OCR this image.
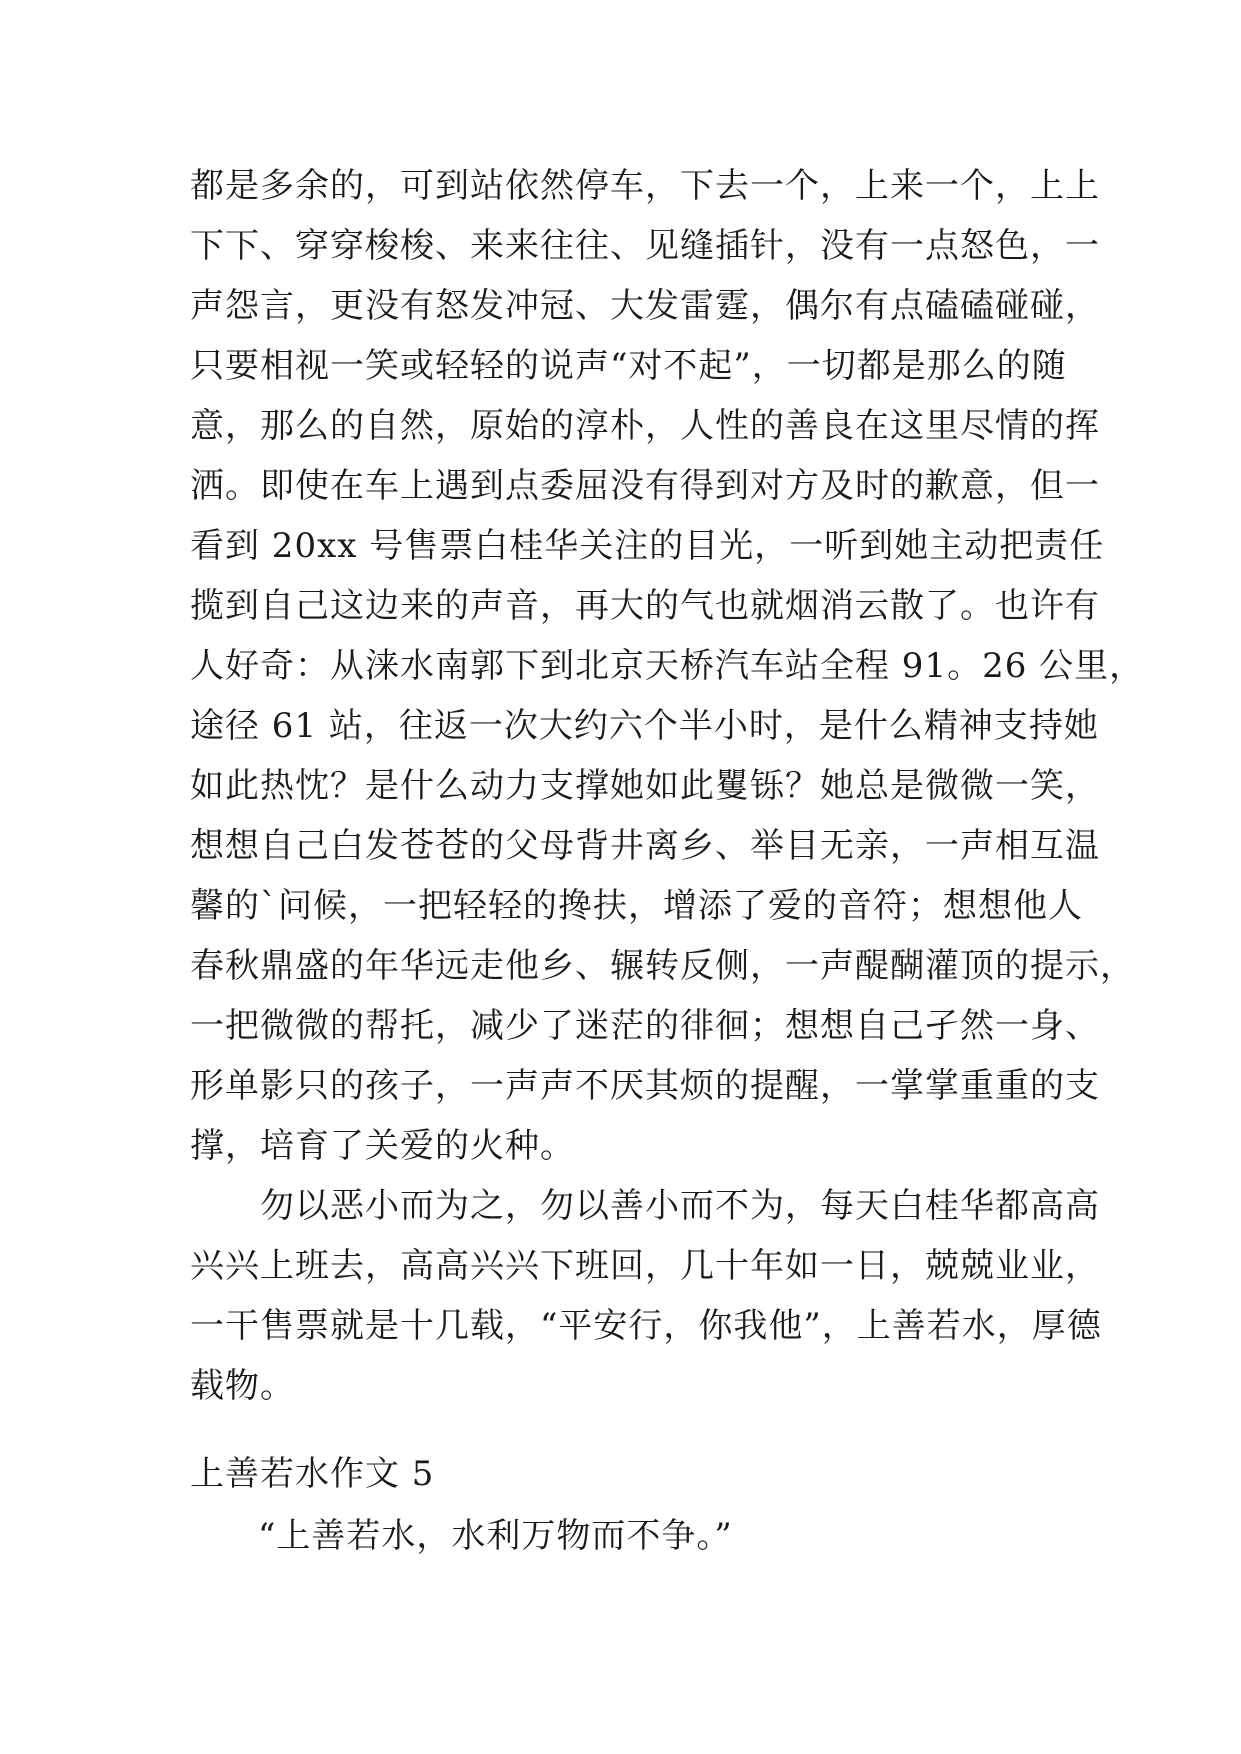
都是多余的，可到站依然停车，下去一个，上来一个，上上
下下、穿穿梭梭、来来往往、见缝插针，没有一点怒色，一
声怨言，更没有怒发冲冠、大发雷霆，偶尔有点磕磕碰碰，
只要相视一笑或轻轻的说声“对不起”，一切都是那么的随
意，那么的自然，原始的淳朴，人性的善良在这里尽情的挥
洒。即使在车上遇到点委屈没有得到对方及时的歉意，但一
看到 20xx 号售票白桂华关注的目光，一听到她主动把责任
揽到自己这边来的声音，再大的气也就烟消云散了。也许有
人好奇：从涞水南郭下到北京天桥汽车站全程 91。26 公里，
途径 61 站，往返一次大约六个半小时，是什么精神支持她
如此热忱？是什么动力支撑她如此矍铄？她总是微微一笑，
想想自己白发苍苍的父母背井离乡、举目无亲，一声相互温
馨的`问候，一把轻轻的搀扶，增添了爱的音符；想想他人
春秋鼎盛的年华远走他乡、辗转反侧，一声醍醐灌顶的提示，
一把微微的帮托，减少了迷茫的徘徊；想想自己孑然一身、
形单影只的孩子，一声声不厌其烦的提醒，一掌掌重重的支
撑，培育了关爱的火种。
　　勿以恶小而为之，勿以善小而不为，每天白桂华都高高
兴兴上班去，高高兴兴下班回，几十年如一日，兢兢业业，
一干售票就是十几载，“平安行，你我他”，上善若水，厚德
载物。
上善若水作文 5
“上善若水，水利万物而不争。”
